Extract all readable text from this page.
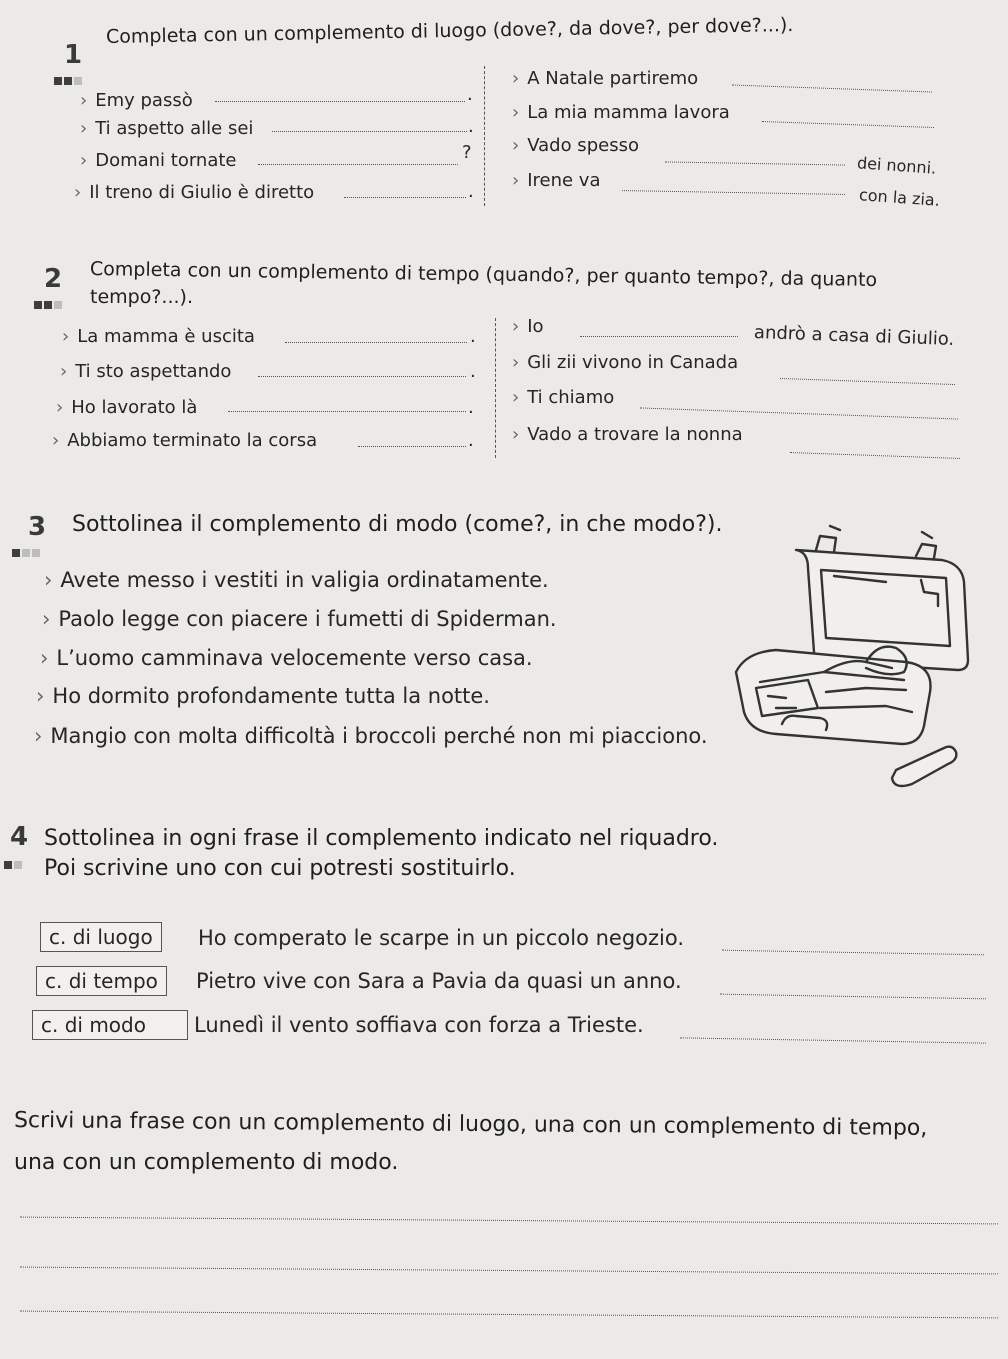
1
Completa con un complemento di luogo (dove?, da dove?, per dove?...).
› Emy passò	.
› Ti aspetto alle sei	.
› Domani tornate	?
› Il treno di Giulio è diretto	.
› A Natale partiremo
› La mia mamma lavora
› Vado spesso
dei nonni.
› Irene va
con la zia.
2 Completa con un complemento di tempo (quando?, per quanto tempo?, da quanto
tempo?...).
› La mamma è uscita	.
› Ti sto aspettando	.
› Ho lavorato là	.
› Abbiamo terminato la corsa	.
› Io	andrò a casa di Giulio.
› Gli zii vivono in Canada
› Ti chiamo
› Vado a trovare la nonna
3 Sottolinea il complemento di modo (come?, in che modo?).
› Avete messo i vestiti in valigia ordinatamente.
› Paolo legge con piacere i fumetti di Spiderman.
› L’uomo camminava velocemente verso casa.
› Ho dormito profondamente tutta la notte.
› Mangio con molta difficoltà i broccoli perché non mi piacciono.
4 Sottolinea in ogni frase il complemento indicato nel riquadro.
Poi scrivine uno con cui potresti sostituirlo.
c. di luogo	Ho comperato le scarpe in un piccolo negozio.
c. di tempo	Pietro vive con Sara a Pavia da quasi un anno.
c. di modo	Lunedì il vento soffiava con forza a Trieste.
Scrivi una frase con un complemento di luogo, una con un complemento di tempo,
una con un complemento di modo.
